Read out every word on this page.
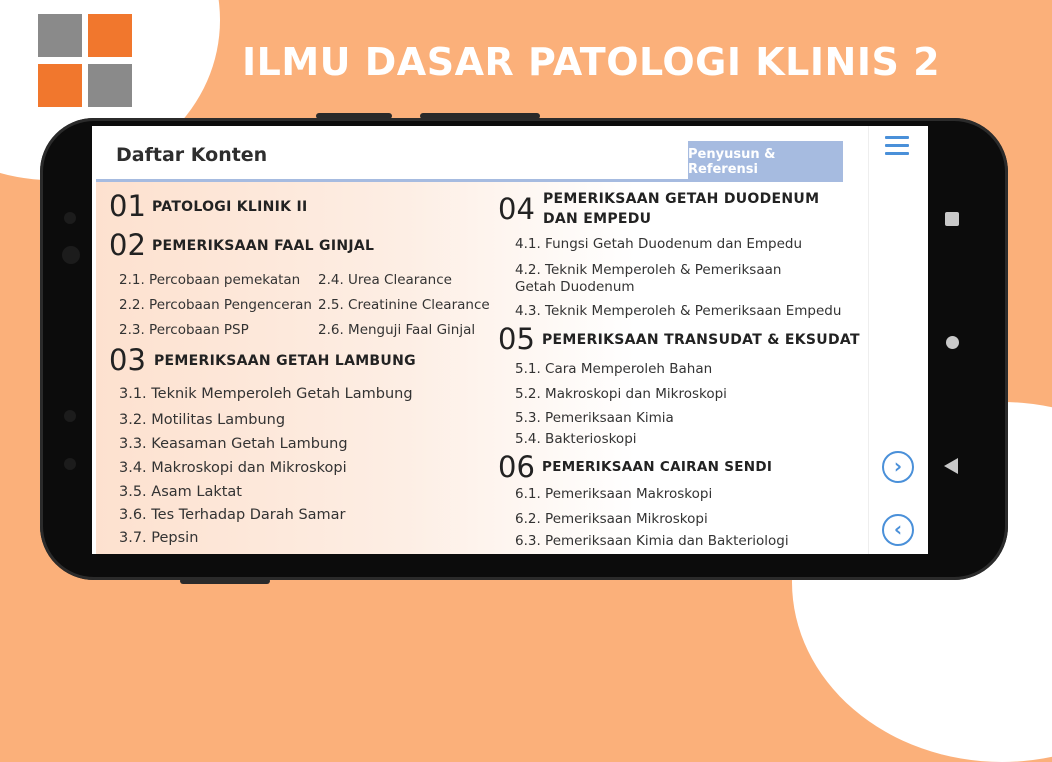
ILMU DASAR PATOLOGI KLINIS 2
Daftar Konten	Penyusun & Referensi
›
‹
01 PATOLOGI KLINIK II
02 PEMERIKSAAN FAAL GINJAL
2.1. Percobaan pemekatan
2.2. Percobaan Pengenceran
2.3. Percobaan PSP
2.4. Urea Clearance
2.5. Creatinine Clearance
2.6. Menguji Faal Ginjal
03 PEMERIKSAAN GETAH LAMBUNG
3.1. Teknik Memperoleh Getah Lambung
3.2. Motilitas Lambung
3.3. Keasaman Getah Lambung
3.4. Makroskopi dan Mikroskopi
3.5. Asam Laktat
3.6. Tes Terhadap Darah Samar
3.7. Pepsin
04 PEMERIKSAAN GETAH DUODENUM
DAN EMPEDU
4.1. Fungsi Getah Duodenum dan Empedu
4.2. Teknik Memperoleh & Pemeriksaan Getah Duodenum
4.3. Teknik Memperoleh & Pemeriksaan Empedu
05 PEMERIKSAAN TRANSUDAT & EKSUDAT
5.1. Cara Memperoleh Bahan
5.2. Makroskopi dan Mikroskopi
5.3. Pemeriksaan Kimia
5.4. Bakterioskopi
06 PEMERIKSAAN CAIRAN SENDI
6.1. Pemeriksaan Makroskopi
6.2. Pemeriksaan Mikroskopi
6.3. Pemeriksaan Kimia dan Bakteriologi
